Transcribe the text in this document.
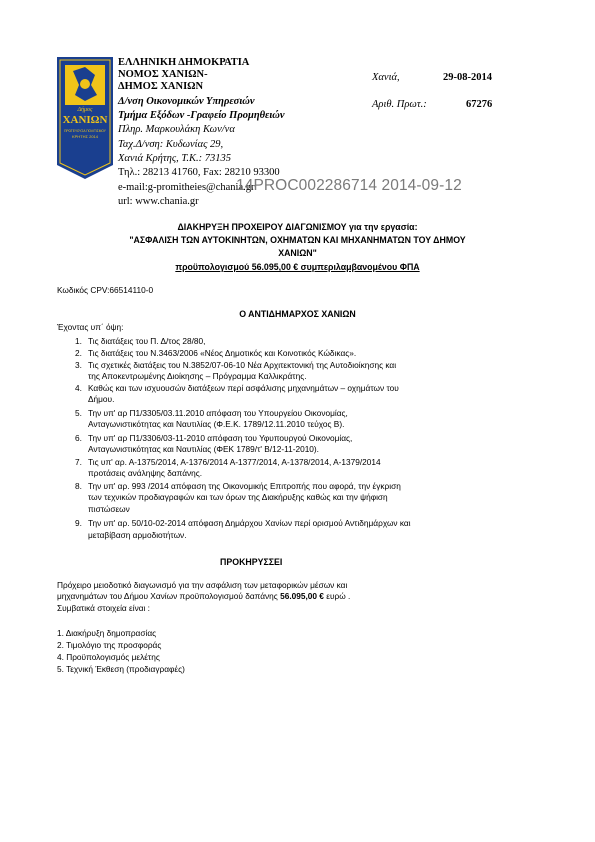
Δήμος
ΧΑΝΙΩΝ
ΠΡΩΤΕΥΟΥΣΑ ΠΟΛΙΤΙΣΜΟΥ
ΚΡΗΤΗΣ 2014
ΕΛΛΗΝΙΚΗ ΔΗΜΟΚΡΑΤΙΑ
ΝΟΜΟΣ ΧΑΝΙΩΝ-
ΔΗΜΟΣ ΧΑΝΙΩΝ
Δ/νση Οικονομικών Υπηρεσιών
Τμήμα Εξόδων -Γραφείο Προμηθειών
Πληρ. Μαρκουλάκη Κων/να
Ταχ.Δ/νση: Κυδωνίας 29,
Χανιά Κρήτης, Τ.Κ.: 73135
Τηλ.: 28213 41760, Fax: 28210 93300
e-mail:g-promitheies@chania.gr
url: www.chania.gr
Χανιά,	29-08-2014
Αριθ. Πρωτ.:	67276
14PROC002286714 2014-09-12
ΔΙΑΚΗΡΥΞΗ ΠΡΟΧΕΙΡΟΥ ΔΙΑΓΩΝΙΣΜΟΥ για την εργασία:
"ΑΣΦΑΛΙΣΗ ΤΩΝ ΑΥΤΟΚΙΝΗΤΩΝ, ΟΧΗΜΑΤΩΝ ΚΑΙ ΜΗΧΑΝΗΜΑΤΩΝ ΤΟΥ ΔΗΜΟΥ
ΧΑΝΙΩΝ"
προϋπολογισμού 56.095,00 € συμπεριλαμβανομένου ΦΠΑ
Κωδικός CPV:66514110-0
Ο ΑΝΤΙΔΗΜΑΡΧΟΣ ΧΑΝΙΩΝ
Έχοντας υπ΄ όψη:
1. Τις διατάξεις του Π. Δ/τος 28/80,
2. Τις διατάξεις του Ν.3463/2006 «Νέος Δημοτικός και Κοινοτικός Κώδικας».
3. Τις σχετικές διατάξεις του Ν.3852/07-06-10 Νέα Αρχιτεκτονική της Αυτοδιοίκησης και
της Αποκεντρωμένης Διοίκησης – Πρόγραμμα Καλλικράτης.
4. Καθώς και των ισχυουσών διατάξεων περί ασφάλισης μηχανημάτων – οχημάτων του
Δήμου.
5. Την υπ' αρ Π1/3305/03.11.2010 απόφαση του Υπουργείου Οικονομίας,
Ανταγωνιστικότητας και Ναυτιλίας (Φ.Ε.Κ. 1789/12.11.2010 τεύχος Β).
6. Την υπ' αρ Π1/3306/03-11-2010 απόφαση του Υφυπουργού Οικονομίας,
Ανταγωνιστικότητας και Ναυτιλίας (ΦΕΚ 1789/τ' Β/12-11-2010).
7. Τις υπ' αρ. Α-1375/2014, Α-1376/2014 Α-1377/2014, Α-1378/2014, Α-1379/2014
προτάσεις ανάληψης δαπάνης.
8. Την υπ' αρ. 993 /2014 απόφαση της Οικονομικής Επιτροπής που αφορά, την έγκριση
των τεχνικών προδιαγραφών και των όρων της Διακήρυξης καθώς και την ψήφιση
πιστώσεων
9. Την υπ' αρ. 50/10-02-2014 απόφαση Δημάρχου Χανίων περί ορισμού Αντιδημάρχων και
μεταβίβαση αρμοδιοτήτων.
ΠΡΟΚΗΡΥΣΣΕΙ
Πρόχειρο μειοδοτικό διαγωνισμό για την ασφάλιση των μεταφορικών μέσων και
μηχανημάτων του Δήμου Χανίων προϋπολογισμού δαπάνης 56.095,00 € ευρώ .
Συμβατικά στοιχεία είναι :
1. Διακήρυξη δημοπρασίας
2. Τιμολόγιο της προσφοράς
4. Προϋπολογισμός μελέτης
5. Τεχνική Έκθεση (προδιαγραφές)
